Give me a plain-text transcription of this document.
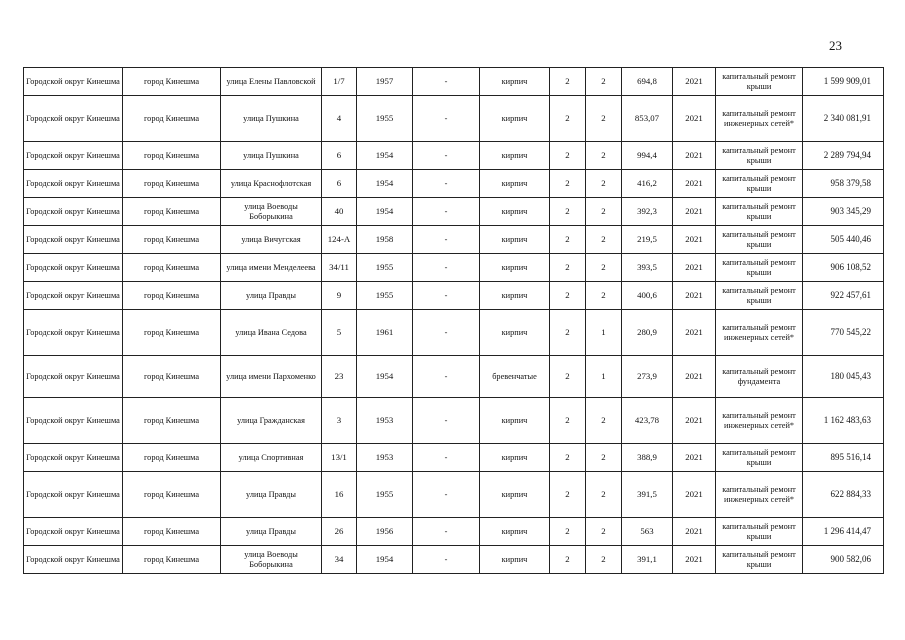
23
Городской округ Кинешма	город Кинешма	улица Елены Павловской	1/7	1957	-	кирпич	2	2	694,8	2021	капитальный ремонт крыши	1 599 909,01
Городской округ Кинешма	город Кинешма	улица Пушкина	4	1955	-	кирпич	2	2	853,07	2021	капитальный ремонт инженерных сетей*	2 340 081,91
Городской округ Кинешма	город Кинешма	улица Пушкина	6	1954	-	кирпич	2	2	994,4	2021	капитальный ремонт крыши	2 289 794,94
Городской округ Кинешма	город Кинешма	улица Краснофлотская	6	1954	-	кирпич	2	2	416,2	2021	капитальный ремонт крыши	958 379,58
Городской округ Кинешма	город Кинешма	улица Воеводы Боборыкина	40	1954	-	кирпич	2	2	392,3	2021	капитальный ремонт крыши	903 345,29
Городской округ Кинешма	город Кинешма	улица Вичугская	124-А	1958	-	кирпич	2	2	219,5	2021	капитальный ремонт крыши	505 440,46
Городской округ Кинешма	город Кинешма	улица имени Менделеева	34/11	1955	-	кирпич	2	2	393,5	2021	капитальный ремонт крыши	906 108,52
Городской округ Кинешма	город Кинешма	улица Правды	9	1955	-	кирпич	2	2	400,6	2021	капитальный ремонт крыши	922 457,61
Городской округ Кинешма	город Кинешма	улица Ивана Седова	5	1961	-	кирпич	2	1	280,9	2021	капитальный ремонт инженерных сетей*	770 545,22
Городской округ Кинешма	город Кинешма	улица имени Пархоменко	23	1954	-	бревенчатые	2	1	273,9	2021	капитальный ремонт фундамента	180 045,43
Городской округ Кинешма	город Кинешма	улица Гражданская	3	1953	-	кирпич	2	2	423,78	2021	капитальный ремонт инженерных сетей*	1 162 483,63
Городской округ Кинешма	город Кинешма	улица Спортивная	13/1	1953	-	кирпич	2	2	388,9	2021	капитальный ремонт крыши	895 516,14
Городской округ Кинешма	город Кинешма	улица Правды	16	1955	-	кирпич	2	2	391,5	2021	капитальный ремонт инженерных сетей*	622 884,33
Городской округ Кинешма	город Кинешма	улица Правды	26	1956	-	кирпич	2	2	563	2021	капитальный ремонт крыши	1 296 414,47
Городской округ Кинешма	город Кинешма	улица Воеводы Боборыкина	34	1954	-	кирпич	2	2	391,1	2021	капитальный ремонт крыши	900 582,06
